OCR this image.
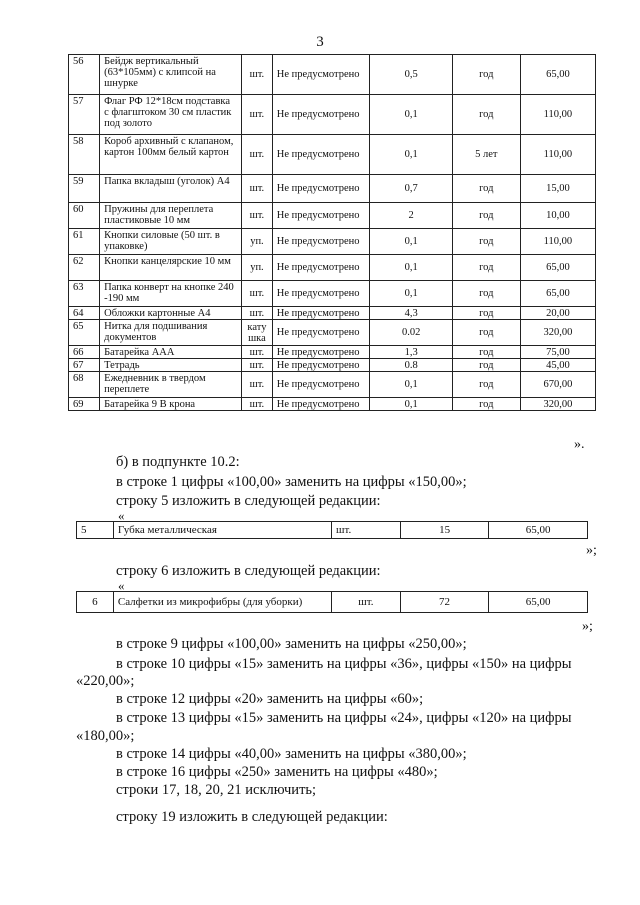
3
56	Бейдж вертикальный (63*105мм) с клипсой на шнурке	шт.	Не предусмотрено	0,5	год	65,00
57	Флаг РФ 12*18см подставка с флагштоком 30 см пластик под золото	шт.	Не предусмотрено	0,1	год	110,00
58	Короб архивный с клапаном, картон 100мм белый картон	шт.	Не предусмотрено	0,1	5 лет	110,00
59	Папка вкладыш (уголок) А4	шт.	Не предусмотрено	0,7	год	15,00
60	Пружины для переплета пластиковые 10 мм	шт.	Не предусмотрено	2	год	10,00
61	Кнопки силовые (50 шт. в упаковке)	уп.	Не предусмотрено	0,1	год	110,00
62	Кнопки канцелярские 10 мм	уп.	Не предусмотрено	0,1	год	65,00
63	Папка конверт на кнопке 240 -190 мм	шт.	Не предусмотрено	0,1	год	65,00
64	Обложки картонные А4	шт.	Не предусмотрено	4,3	год	20,00
65	Нитка для подшивания документов	кату шка	Не предусмотрено	0.02	год	320,00
66	Батарейка ААА	шт.	Не предусмотрено	1,3	год	75,00
67	Тетрадь	шт.	Не предусмотрено	0.8	год	45,00
68	Ежедневник в твердом переплете	шт.	Не предусмотрено	0,1	год	670,00
69	Батарейка 9 В крона	шт.	Не предусмотрено	0,1	год	320,00
».
б) в подпункте 10.2:
в строке 1 цифры «100,00» заменить на цифры «150,00»;
строку 5 изложить в следующей редакции:
«
5	Губка металлическая	шт.	15	65,00
»;
строку 6 изложить в следующей редакции:
«
6	Салфетки из микрофибры (для уборки)	шт.	72	65,00
»;
в строке 9 цифры «100,00» заменить на цифры «250,00»;
в строке 10 цифры «15» заменить на цифры «36», цифры «150» на цифры
«220,00»;
в строке 12 цифры «20» заменить на цифры «60»;
в строке 13 цифры «15» заменить на цифры «24», цифры «120» на цифры
«180,00»;
в строке 14 цифры «40,00» заменить на цифры «380,00»;
в строке 16 цифры «250» заменить на цифры «480»;
строки 17, 18, 20, 21 исключить;
строку 19 изложить в следующей редакции:
